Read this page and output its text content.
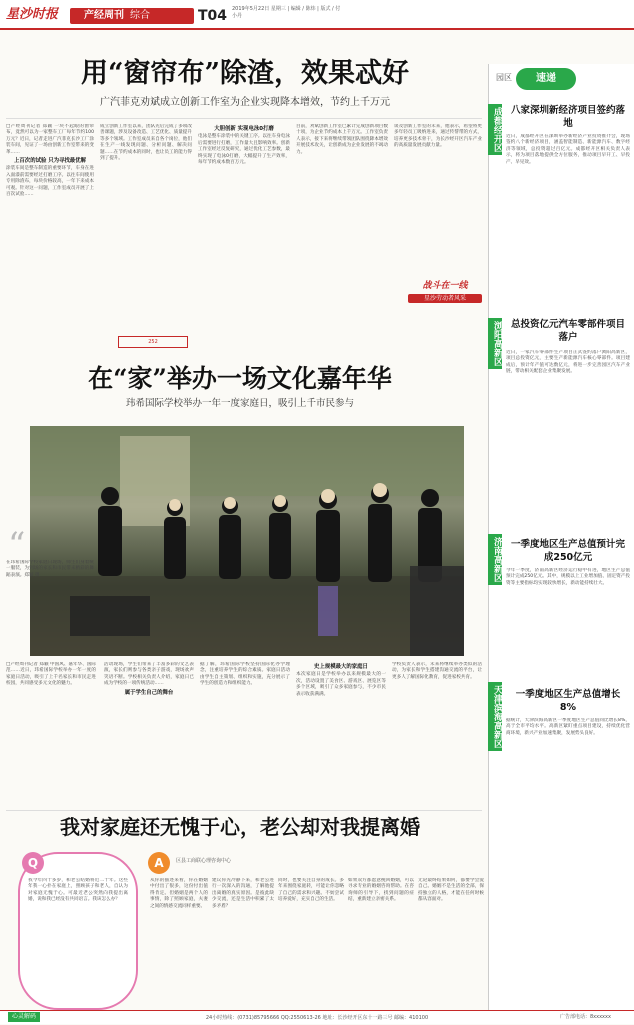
星沙时报	产经周刊 综合	T04 2019年5月22日 星期三 | 编辑 / 陈炜 | 版式 / 付小丹
用“窗帘布”除渣，效果忒好
广汽菲克劝斌成立创新工作室为企业实现降本增效，节约上千万元
□产经周刊记者 郑颖 一块不起眼的窗帘布，竟然可以为一家整车工厂每年节约100万元？近日，记者走进广汽菲克长沙工厂涂装车间，见证了一场由创新工作室带来的变革……
上百次的试验 只为寻找最优解
涂装车间是整车制造的重要环节，车身在进入面漆前需要经过打磨工序。以往车间使用专用除渣布，每块价格较高，一年下来成本可观。针对这一问题，工作室成员开展了上百次试验……
成立创新工作室以来，团队先后完成了多项改善课题，涉及设备改造、工艺优化、质量提升等多个领域。工作室成员来自各个岗位，他们在生产一线发现问题、分析问题、解决问题……在节约成本的同时，也让员工的能力得到了提升。
大胆创新 实现电泳0打磨
电泳是整车涂装中的关键工序。以往车身电泳后需要进行打磨，工作量大且影响效率。创新工作室经过反复研究，通过优化工艺参数，最终实现了电泳0打磨，大幅提升了生产效率，每年节约成本数百万元。
目前，劝斌创新工作室已累计完成创新项目数十项，为企业节约成本上千万元。工作室负责人表示，接下来将继续带领团队围绕降本增效开展技术攻关，让创新成为企业发展的不竭动力。
谈及创新工作室的未来，他表示，希望将更多年轻员工吸纳进来，通过传帮带的方式，培养更多技术骨干，为长沙经开区汽车产业的高质量发展贡献力量。
战斗在一线
星沙劳动者风采
252
在“家”举办一场文化嘉年华
玮希国际学校举办一年一度家庭日，吸引上千市民参与
“
在玮希国际学校家庭日现场，师生们身着统一服装，为到场的家长和市民带来精彩的舞蹈表演。郑颖 摄
□产经周刊记者 郑颖 中国风、嘉年华、国际范……近日，玮希国际学校举办一年一度的家庭日活动，吸引了上千名家长和市民走进校园，共同感受多元文化的魅力。
活动现场，学生们带来了丰富多彩的文艺表演，家长们则参与各类亲子游戏，现场欢声笑语不断。学校相关负责人介绍，家庭日已成为学校的一项传统活动……
属于学生自己的舞台
据了解，玮希国际学校坚持国际化办学理念，注重培养学生的综合素质。家庭日活动由学生自主策划、组织和实施，充分展示了学生的创造力和组织能力。
史上规模最大的家庭日
本次家庭日是学校举办以来规模最大的一次，活动设置了美食区、游戏区、展览区等多个区域，吸引了众多家庭参与，不少市民表示收获满满。
学校负责人表示，未来将继续举办类似的活动，为家长和学生搭建沟通交流的平台，让更多人了解国际化教育，促进家校共育。
我对家庭还无愧于心，老公却对我提离婚
Q
我今年四十多岁，和老公结婚将近二十年。这些年我一心扑在家庭上，照顾孩子和老人，自认为对家庭无愧于心。可最近老公突然向我提出离婚，说和我已经没有共同语言。我该怎么办？
A	区县工商联心理咨询中心
从你的描述来看，你在婚姻中付出了很多，这份付出值得肯定。但婚姻是两个人的事情，除了照顾家庭，夫妻之间的情感交流同样重要。
建议你先冷静下来，和老公进行一次深入的沟通，了解他提出离婚的真实原因。是彼此缺少交流，还是生活中积累了太多矛盾？
同时，也要关注自身的成长。多年来围绕家庭转，可能让你忽略了自己的需求和兴趣。不妨尝试培养爱好，充实自己的生活。
如果双方都愿意挽回婚姻，可以寻求专业的婚姻咨询帮助。在咨询师的引导下，找到问题的症结，重新建立亲密关系。
无论最终结果如何，都要学会爱自己。婚姻不是生活的全部，保持独立的人格，才能在任何时候都从容面对。
园区	速递
成都经开区 八家深圳新经济项目签约落地
近日，成都经开区在深圳举办新经济产业投资推介会，现场签约八个新经济项目，涵盖智能制造、新能源汽车、数字经济等领域，总投资超过百亿元。成都经开区相关负责人表示，将为项目落地提供全方位服务，推动项目早开工、早投产、早见效。
浏阳高新区 总投资亿元汽车零部件项目落户
近日，一家汽车零部件生产项目正式签约落户浏阳高新区，项目总投资亿元，主要生产新能源汽车核心零部件。项目建成后，预计年产值可达数亿元，将进一步完善园区汽车产业链，带动相关配套企业集聚发展。
济南高新区 一季度地区生产总值预计完成250亿元
今年一季度，济南高新区经济运行稳中有进，地区生产总值预计完成250亿元。其中，规模以上工业增加值、固定资产投资等主要指标均实现较快增长，新动能持续壮大。
天津滨海高新区	一季度地区生产总值增长8%
据统计，天津滨海高新区一季度地区生产总值同比增长8%，高于全市平均水平。高新区紧盯重点项目建设，持续优化营商环境，新兴产业加速集聚，发展势头良好。
24小时热线：(0731)85795666 QQ:2550613-26 地址：长沙经开区东十一路三号 邮编：410100
心灵解码	广告部电话：8xxxxxx
